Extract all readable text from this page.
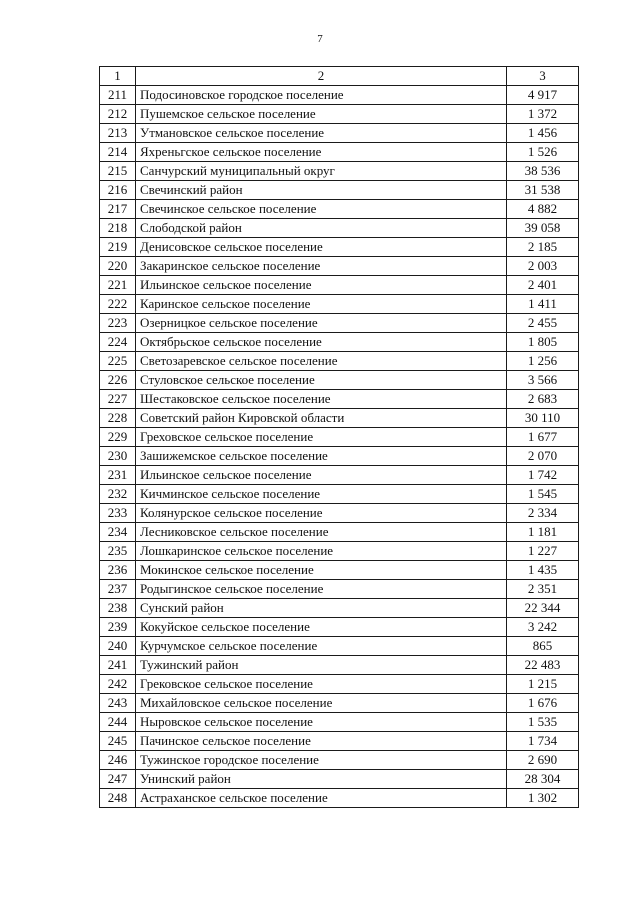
7
1	2	3
211	Подосиновское городское поселение	4 917
212	Пушемское сельское поселение	1 372
213	Утмановское сельское поселение	1 456
214	Яхреньгское сельское поселение	1 526
215	Санчурский муниципальный округ	38 536
216	Свечинский район	31 538
217	Свечинское сельское поселение	4 882
218	Слободской район	39 058
219	Денисовское сельское поселение	2 185
220	Закаринское сельское поселение	2 003
221	Ильинское сельское поселение	2 401
222	Каринское сельское поселение	1 411
223	Озерницкое сельское поселение	2 455
224	Октябрьское сельское поселение	1 805
225	Светозаревское сельское поселение	1 256
226	Стуловское сельское поселение	3 566
227	Шестаковское сельское поселение	2 683
228	Советский район Кировской области	30 110
229	Греховское сельское поселение	1 677
230	Зашижемское сельское поселение	2 070
231	Ильинское сельское поселение	1 742
232	Кичминское сельское поселение	1 545
233	Колянурское сельское поселение	2 334
234	Лесниковское сельское поселение	1 181
235	Лошкаринское сельское поселение	1 227
236	Мокинское сельское поселение	1 435
237	Родыгинское сельское поселение	2 351
238	Сунский район	22 344
239	Кокуйское сельское поселение	3 242
240	Курчумское сельское поселение	865
241	Тужинский район	22 483
242	Грековское сельское поселение	1 215
243	Михайловское сельское поселение	1 676
244	Ныровское сельское поселение	1 535
245	Пачинское сельское поселение	1 734
246	Тужинское городское поселение	2 690
247	Унинский район	28 304
248	Астраханское сельское поселение	1 302
